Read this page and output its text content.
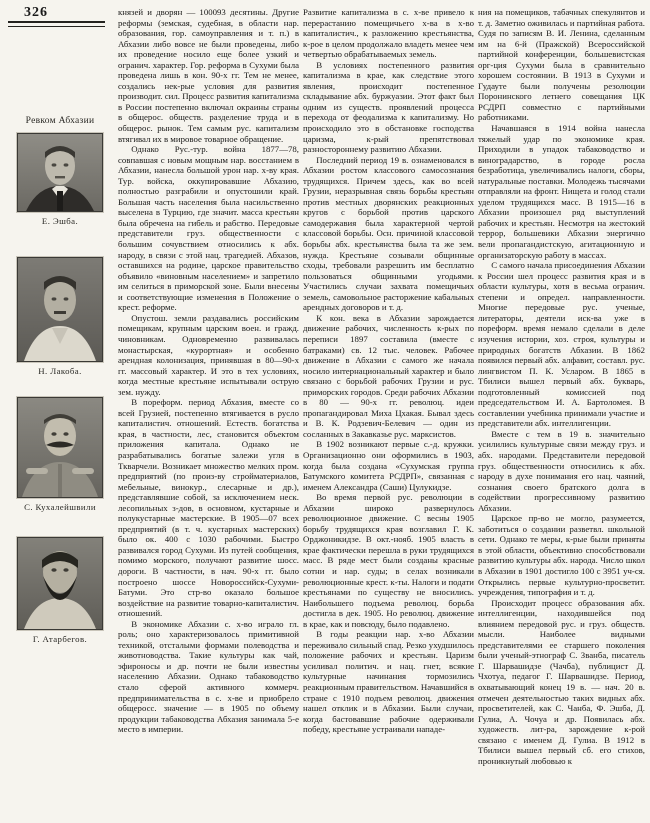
326
Ревком Абхазии
Е. Эшба.
Н. Лакоба.
С. Кухалейшвили
Г. Атарбегов.

князей и дворян — 100093 десятины. Другие реформы (земская, судебная, в области нар. образования, гор. самоуправления и т. п.) в Абхазии либо вовсе не были проведены, либо их проведение носило еще более узкий и огранич. характер. Гор. реформа в Сухуми была проведена лишь в кон. 90-х гг. Тем не менее, создались нек-рые условия для развития производит. сил. Процесс развития капитализма в России постепенно включал окраины страны в общерос. обществ. разделение труда и в общерос. рынок. Тем самым рус. капитализм втягивал их в мировое товарное обращение.

Однако Рус.-тур. война 1877—78, совпавшая с новым мощным нар. восстанием в Абхазии, нанесла большой урон нар. х-ву края. Тур. войска, оккупировавшие Абхазию, полностью разграбили и опустошили край. Большая часть населения была насильственно выселена в Турцию, где значит. масса крестьян была обречена на гибель и рабство. Передовые представители груз. общественности с большим сочувствием относились к абх. народу, в связи с этой нац. трагедией. Абхазов, оставшихся на родине, царское правительство объявило «виновным населением» и запретило им селиться в приморской зоне. Были внесены и соответствующие изменения в Положение о крест. реформе.

Опустош. земли раздавались российским помещикам, крупным царским воен. и гражд. чиновникам. Одновременно развивалась монастырская, «курортная» и особенно арендная колонизация, принявшая в 80—90-х гг. массовый характер. И это в тех условиях, когда местные крестьяне испытывали острую зем. нужду.

В пореформ. период Абхазия, вместе со всей Грузией, постепенно втягивается в русло капиталистич. отношений. Естеств. богатства края, в частности, лес, становится объектом приложения капитала. Однако не разрабатывались богатые залежи угля в Ткварчели. Возникает множество мелких пром. предприятий (по произ-ву стройматериалов, мебельные, винокур., слесарные и др.), представлявшие собой, за исключением неск. лесопильных з-дов, в основном, кустарные и полукустарные мастерские. В 1905—07 всех предприятий (в т. ч. кустарных мастерских) было ок. 400 с 1030 рабочими. Быстро развивался город Сухуми. Из путей сообщения, помимо морского, получают развитие шосс. дороги. В частности, в нач. 90-х гг. было построено шоссе Новороссийск-Сухуми-Батуми. Это стр-во оказало большое воздействие на развитие товарно-капиталистич. отношений.

В экономике Абхазии с. х-во играло гл. роль; оно характеризовалось примитивной техникой, отсталыми формами полеводства и животноводства. Такие культуры как чай, эфироносы и др. почти не были известны населению Абхазии. Однако табаководство стало сферой активного коммерч. предпринимательства в с. х-ве и приобрело общеросс. значение — в 1905 по объему продукции табаководства Абхазия занимала 5-е место в империи.

Развитие капитализма в с. х-ве привело к перерастанию помещичьего х-ва в х-во капиталистич., к разложению крестьянства, к-рое в целом продолжало владеть менее чем четвертью обрабатываемых земель.

В условиях постепенного развития капитализма в крае, как следствие этого явления, происходит постепенное складывание абх. буржуазии. Этот факт был одним из существ. проявлений процесса перехода от феодализма к капитализму. Но происходило это в обстановке господства царизма, к-рый препятствовал разностороннему развитию Абхазии.

Последний период 19 в. ознаменовался в Абхазии ростом классового самосознания трудящихся. Причем здесь, как во всей Грузии, неразрывная связь борьбы крестьян против местных дворянских реакционных кругов с борьбой против царского самодержавия была характерной чертой классовой борьбы. Осн. причиной классовой борьбы абх. крестьянства была та же зем. нужда. Крестьяне созывали общинные сходы, требовали разрешить им бесплатно пользоваться общинными угодьями. Участились случаи захвата помещичьих земель, самовольное расторжение кабальных арендных договоров и т. д.

К кон. века в Абхазии зарождается движение рабочих, численность к-рых по переписи 1897 составила (вместе с батраками) св. 12 тыс. человек. Рабочее движение в Абхазии с самого же начала носило интернациональный характер и было связано с борьбой рабочих Грузии и рус. приморских городов. Среди рабочих Абхазии в 80 — 90-х гг. революц. идеи пропагандировал Миха Цхакая. Бывал здесь и В. К. Родзевич-Белевич — один из сосланных в Закавказье рус. марксистов.

В 1902 возникают первые с.-д. кружки. Организационно они оформились в 1903, когда была создана «Сухумская группа Батумского комитета РСДРП», связанная с именем Александра (Саши) Цулукидзе.

Во время первой рус. революции в Абхазии широко развернулось революционное движение. С весны 1905 борьбу трудящихся края возглавил Г. К. Орджоникидзе. В окт.-нояб. 1905 власть в крае фактически перешла в руки трудящихся масс. В ряде мест были созданы красные сотни и нар. суды; в селах возникали революционные крест. к-ты. Налоги и подати крестьянами по существу не вносились. Наибольшего подъема революц. борьба достигла в дек. 1905. Но революц. движение в крае, как и повсюду, было подавлено.

В годы реакции нар. х-во Абхазии переживало сильный спад. Резко ухудшилось положение рабочих и крестьян. Царизм усиливал политич. и нац. гнет, всякие культурные начинания тормозились реакционным правительством. Начавшийся в стране с 1910 подъем революц. движения нашел отклик и в Абхазии. Были случаи, когда бастовавшие рабочие одерживали победу, крестьяне устраивали нападе-

ния на помещиков, табачных спекулянтов и т. д. Заметно оживилась и партийная работа. Судя по записям В. И. Ленина, сделанным им на 6-й (Пражской) Всероссийской партийной конференции, большевистская орг-ция Сухуми была в сравнительно хорошем состоянии. В 1913 в Сухуми и Гудауте были получены резолюции Поронинского летнего совещания ЦК РСДРП совместно с партийными работниками.

Начавшаяся в 1914 война нанесла тяжелый удар по экономике края. Приходили в упадок табаководство и виноградарство, в городе росла безработица, увеличивались налоги, сборы, натуральные поставки. Молодежь тысячами отправляли на фронт. Нищета и голод стали уделом трудящихся масс. В 1915—16 в Абхазии произошел ряд выступлений рабочих и крестьян. Несмотря на жестокий террор, большевики Абхазии энергично вели пропагандистскую, агитационную и организаторскую работу в массах.

С самого начала присоединения Абхазии к России шел процесс развития края и в области культуры, хотя в весьма огранич. степени и определ. направленности. Многие передовые рус. ученые, литераторы, деятели иск-ва уже в пореформ. время немало сделали в деле изучения истории, хоз. строя, культуры и природных богатств Абхазии. В 1862 появился первый абх. алфавит, составл. рус. лингвистом П. К. Усларом. В 1865 в Тбилиси вышел первый абх. букварь, подготовленный комиссией под председательством И. А. Бартоломея. В составлении учебника принимали участие и представители абх. интеллигенции.

Вместе с тем в 19 в. значительно усилились культурные связи между груз. и абх. народами. Представители передовой груз. общественности относились к абх. народу в духе понимания его нац. чаяний, сознания своего братского долга в содействии прогрессивному развитию Абхазии.

Царское пр-во не могло, разумеется, заботиться о создании разветвл. школьной сети. Однако те меры, к-рые были приняты в этой области, объективно способствовали развитию культуры абх. народа. Число школ в Абхазии в 1901 достигло 100 с 3951 уч-ся. Открылись первые культурно-просветит. учреждения, типография и т. д.

Происходит процесс образования абх. интеллигенции, находившейся под влиянием передовой рус. и груз. обществ. мысли. Наиболее видными представителями ее старшего поколения были ученый-этнограф С. Званба, писатель Г. Шарвашидзе (Чачба), публицист Д. Чхотуа, педагог Г. Шарвашидзе. Период, охватывающий конец 19 в. — нач. 20 в. отмечен деятельностью таких видных абх. просветителей, как С. Чанба, Ф. Эшба, Д. Гулиа, А. Чочуа и др. Появилась абх. художеств. лит-ра, зарождение к-рой связано с именем Д. Гулиа. В 1912 в Тбилиси вышел первый сб. его стихов, проникнутый любовью к
